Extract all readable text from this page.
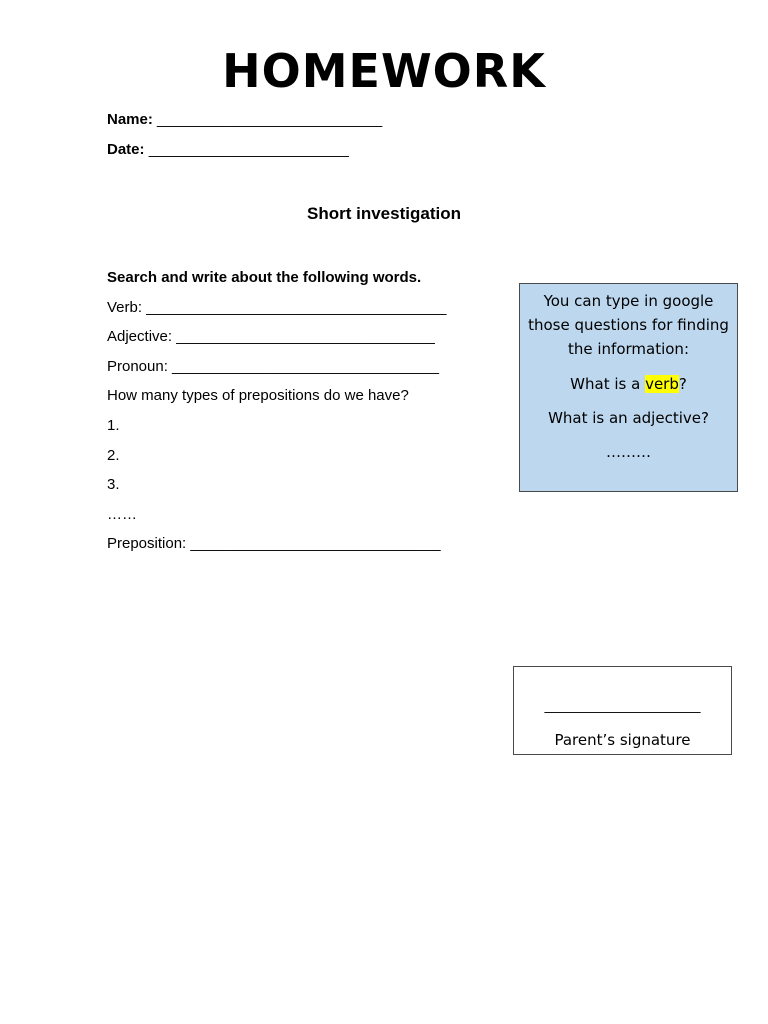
HOMEWORK
Name: ___________________________
Date: ________________________
Short investigation
Search and write about the following words.
Verb: ____________________________________
Adjective: _______________________________
Pronoun: ________________________________
How many types of prepositions do we have?
1.
2.
3.
……
Preposition: ______________________________

You can type in google those questions for finding the information:

What is a verb?

What is an adjective?

………

________________________
Parent’s signature
